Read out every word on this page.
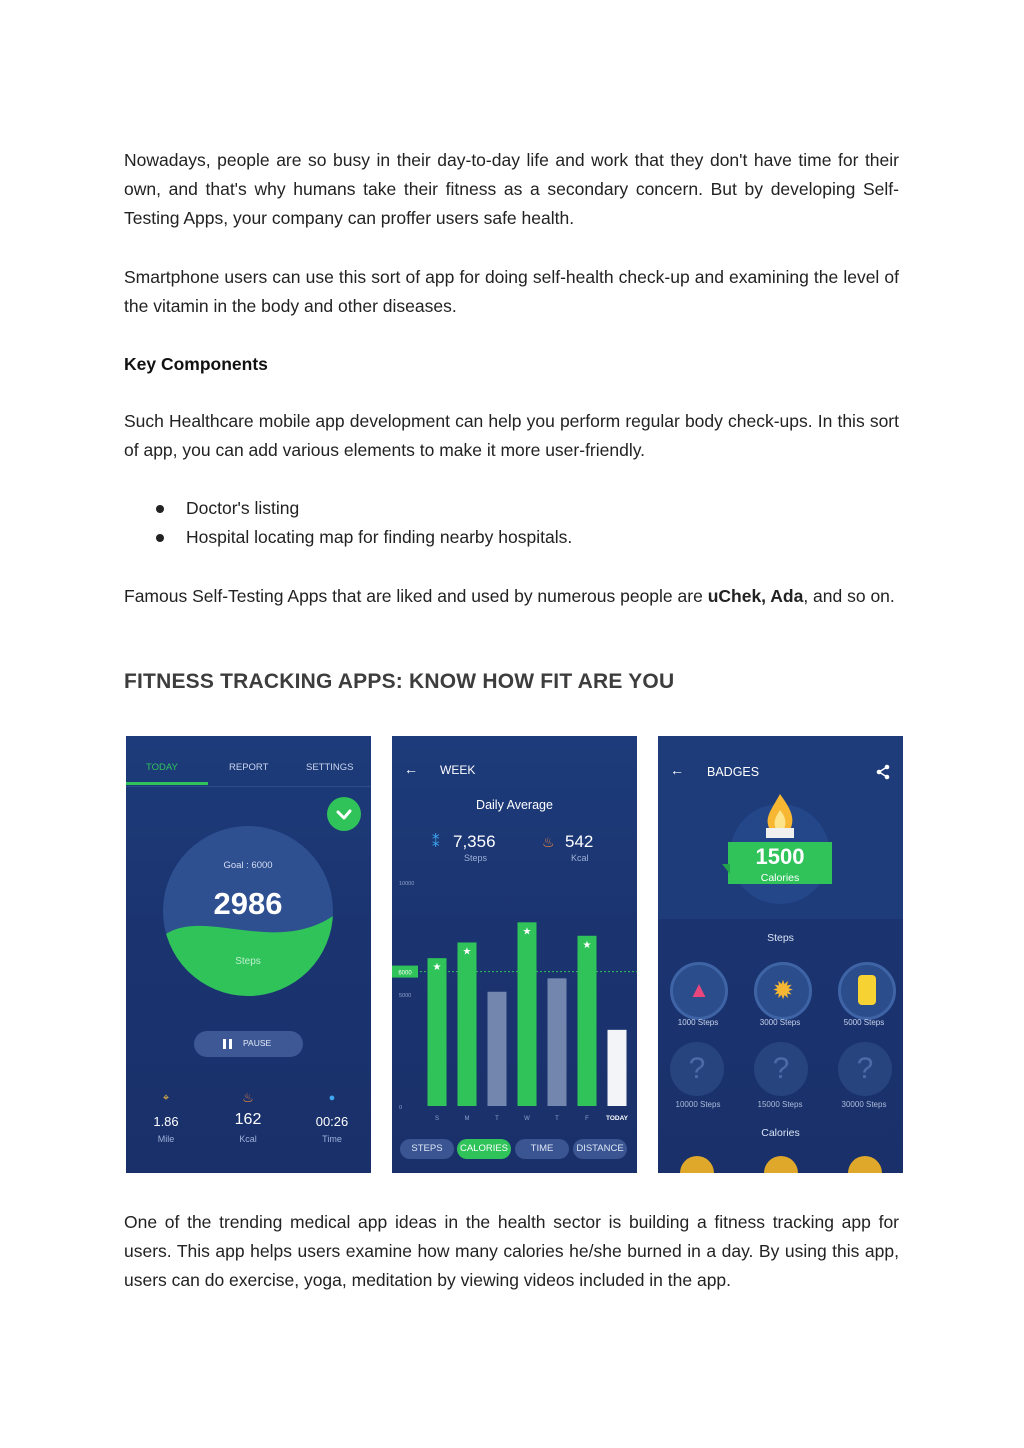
Nowadays, people are so busy in their day-to-day life and work that they don't have time for their own, and that's why humans take their fitness as a secondary concern. But by developing Self-Testing Apps, your company can proffer users safe health.

Smartphone users can use this sort of app for doing self-health check-up and examining the level of the vitamin in the body and other diseases.

Key Components

Such Healthcare mobile app development can help you perform regular body check-ups. In this sort of app, you can add various elements to make it more user-friendly.

Doctor's listing
Hospital locating map for finding nearby hospitals.

Famous Self-Testing Apps that are liked and used by numerous people are uChek, Ada, and so on.

FITNESS TRACKING APPS: KNOW HOW FIT ARE YOU

One of the trending medical app ideas in the health sector is building a fitness tracking app for users. This app helps users examine how many calories he/she burned in a day. By using this app, users can do exercise, yoga, meditation by viewing videos included in the app.

TODAY	REPORT	SETTINGS
Goal : 6000
2986
Steps
PAUSE
⌖
1.86
Mile
♨
162
Kcal
●
00:26
Time
← WEEK
Daily Average
⁑ 7,356
Steps
♨ 542
Kcal
10000
5000
0
6000
★
S
★
M	T
★
W	T
★
F	TODAY
STEPS	CALORIES	TIME	DISTANCE
← BADGES
1500
Calories
Steps
▲
1000 Steps
✹
3000 Steps	5000 Steps
?
10000 Steps
?
15000 Steps
?
30000 Steps
Calories
